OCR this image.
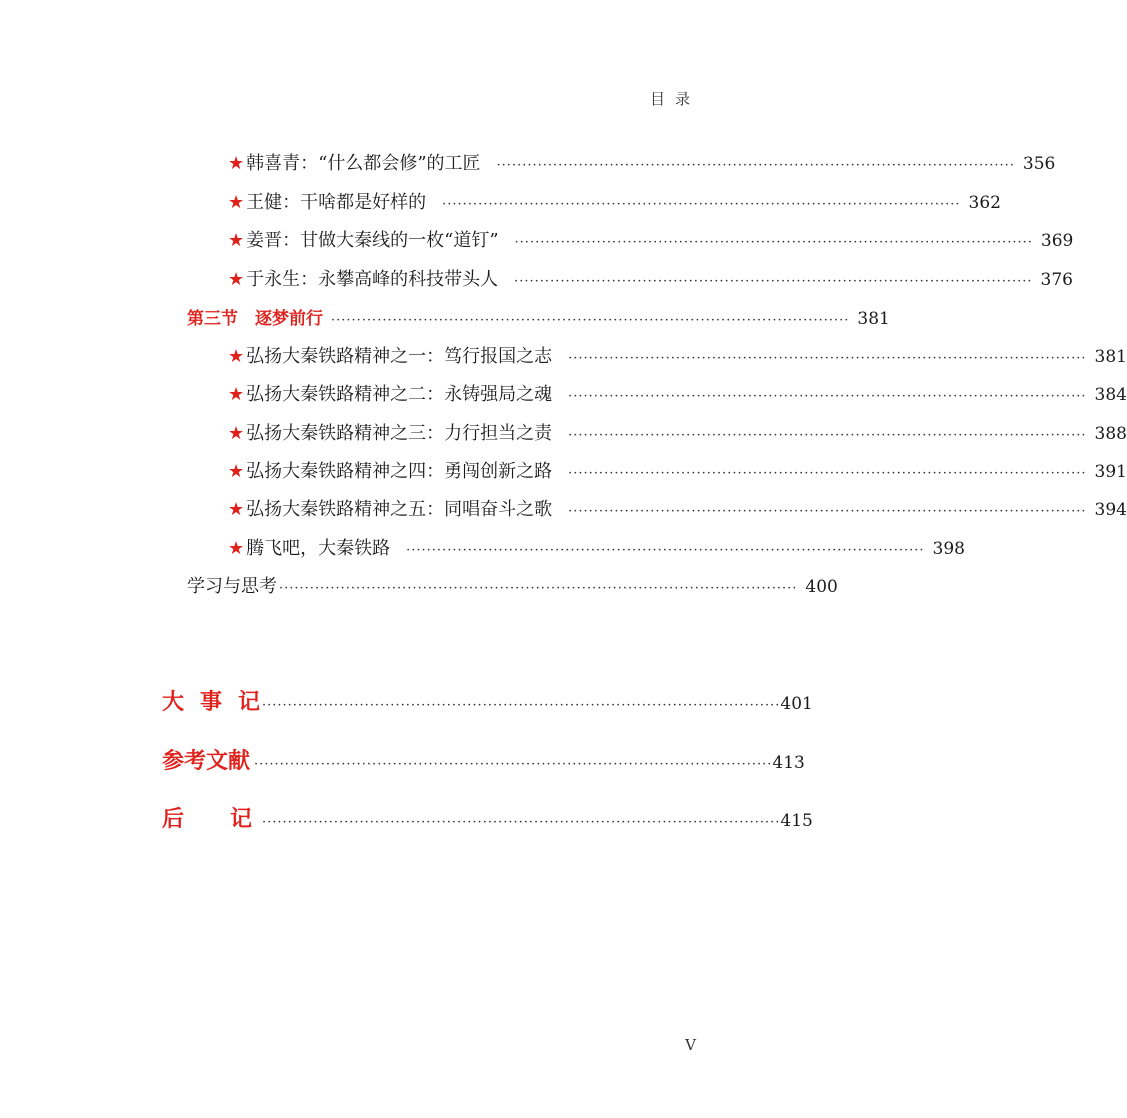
目录
★ 韩喜青：“什么都会修”的工匠 ····································································································· 356
★ 王健：干啥都是好样的 ····································································································· 362
★ 姜晋：甘做大秦线的一枚“道钉” ····································································································· 369
★ 于永生：永攀高峰的科技带头人 ····································································································· 376
第三节　逐梦前行 ····································································································· 381
★ 弘扬大秦铁路精神之一：笃行报国之志 ····································································································· 381
★ 弘扬大秦铁路精神之二：永铸强局之魂 ····································································································· 384
★ 弘扬大秦铁路精神之三：力行担当之责 ····································································································· 388
★ 弘扬大秦铁路精神之四：勇闯创新之路 ····································································································· 391
★ 弘扬大秦铁路精神之五：同唱奋斗之歌 ····································································································· 394
★ 腾飞吧，大秦铁路 ····································································································· 398
学习与思考 ····································································································· 400
大事记
····································································································· 401
参考文献 ····································································································· 413
后记
····································································································· 415
V
